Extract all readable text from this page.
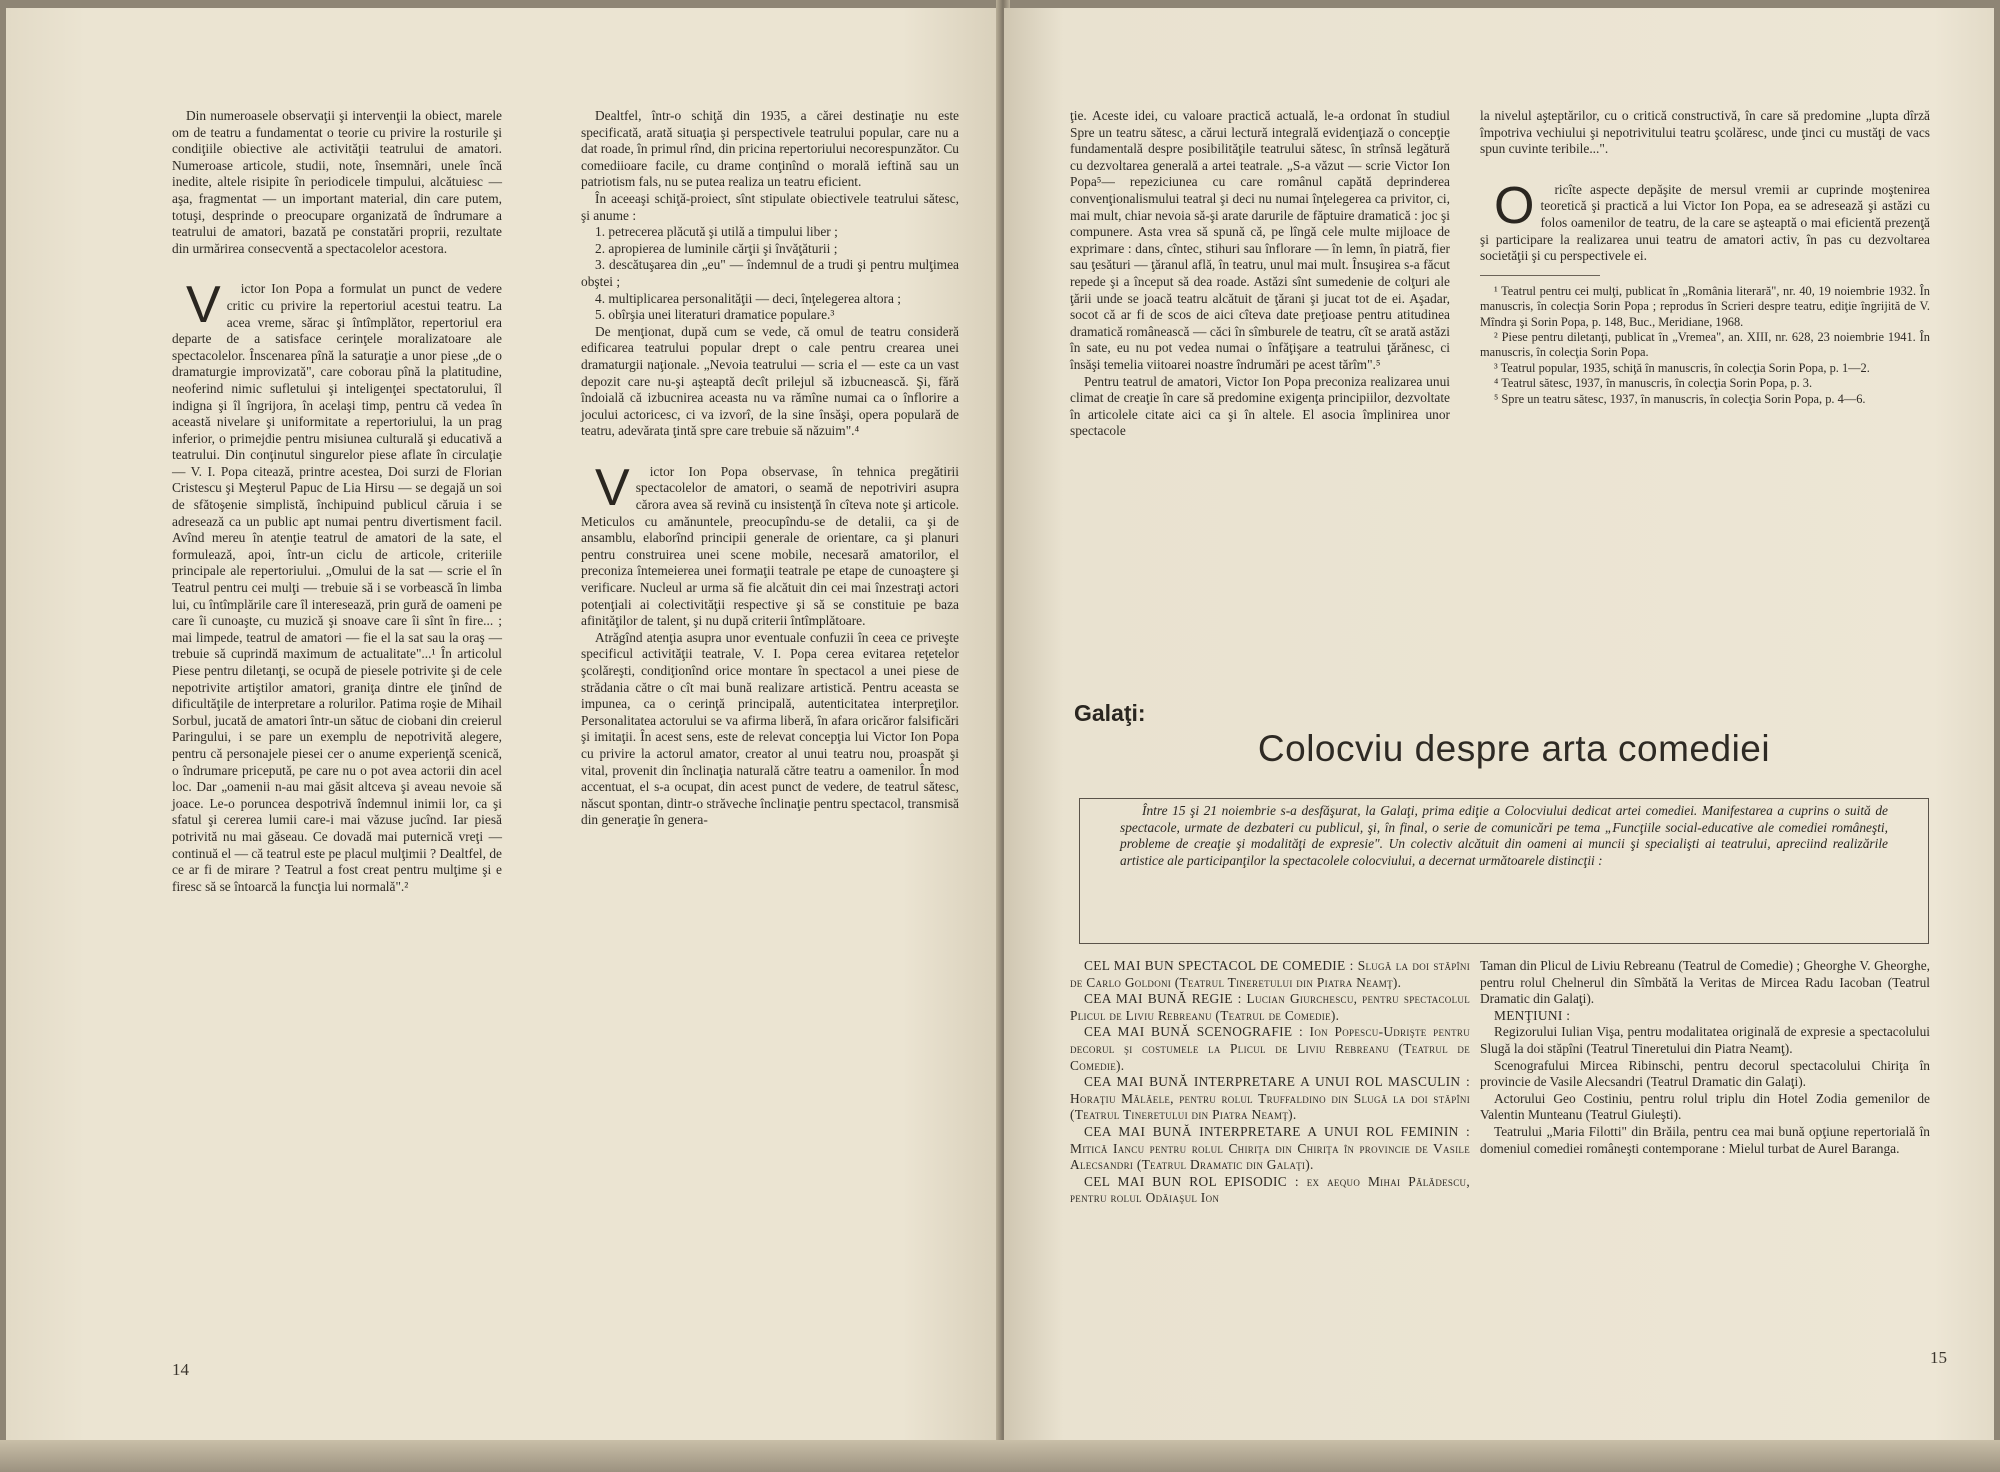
Din numeroasele observaţii şi intervenţii la obiect, marele om de teatru a fundamentat o teorie cu privire la rosturile şi condiţiile obiective ale activităţii teatrului de amatori. Numeroase articole, studii, note, însemnări, unele încă inedite, altele risipite în periodicele timpului, alcătuiesc — aşa, fragmentat — un important material, din care putem, totuşi, desprinde o preocupare organizată de îndrumare a teatrului de amatori, bazată pe constatări proprii, rezultate din urmărirea consecventă a spectacolelor acestora.

V ictor Ion Popa a formulat un punct de vedere critic cu privire la repertoriul acestui teatru. La acea vreme, sărac şi întîmplător, repertoriul era departe de a satisface cerinţele moralizatoare ale spectacolelor. Înscenarea pînă la saturaţie a unor piese „de o dramaturgie improvizată", care coborau pînă la platitudine, neoferind nimic sufletului şi inteligenţei spectatorului, îl indigna şi îl îngrijora, în acelaşi timp, pentru că vedea în această nivelare şi uniformitate a repertoriului, la un prag inferior, o primejdie pentru misiunea culturală şi educativă a teatrului. Din conţinutul singurelor piese aflate în circulaţie — V. I. Popa citează, printre acestea, Doi surzi de Florian Cristescu şi Meşterul Papuc de Lia Hirsu — se degajă un soi de sfătoşenie simplistă, închipuind publicul căruia i se adresează ca un public apt numai pentru divertisment facil. Avînd mereu în atenţie teatrul de amatori de la sate, el formulează, apoi, într-un ciclu de articole, criteriile principale ale repertoriului. „Omului de la sat — scrie el în Teatrul pentru cei mulţi — trebuie să i se vorbească în limba lui, cu întîmplările care îl interesează, prin gură de oameni pe care îi cunoaşte, cu muzică şi snoave care îi sînt în fire... ; mai limpede, teatrul de amatori — fie el la sat sau la oraş — trebuie să cuprindă maximum de actualitate"...¹ În articolul Piese pentru diletanţi, se ocupă de piesele potrivite şi de cele nepotrivite artiştilor amatori, graniţa dintre ele ţinînd de dificultăţile de interpretare a rolurilor. Patima roşie de Mihail Sorbul, jucată de amatori într-un sătuc de ciobani din creierul Paringului, i se pare un exemplu de nepotrivită alegere, pentru că personajele piesei cer o anume experienţă scenică, o îndrumare pricepută, pe care nu o pot avea actorii din acel loc. Dar „oamenii n-au mai găsit altceva şi aveau nevoie să joace. Le-o poruncea despotrivă îndemnul inimii lor, ca şi sfatul şi cererea lumii care-i mai văzuse jucînd. Iar piesă potrivită nu mai găseau. Ce dovadă mai puternică vreţi — continuă el — că teatrul este pe placul mulţimii ? Dealtfel, de ce ar fi de mirare ? Teatrul a fost creat pentru mulţime şi e firesc să se întoarcă la funcţia lui normală".²

Dealtfel, într-o schiţă din 1935, a cărei destinaţie nu este specificată, arată situaţia şi perspectivele teatrului popular, care nu a dat roade, în primul rînd, din pricina repertoriului necorespunzător. Cu comediioare facile, cu drame conţinînd o morală ieftină sau un patriotism fals, nu se putea realiza un teatru eficient.

În aceeaşi schiţă-proiect, sînt stipulate obiectivele teatrului sătesc, şi anume :

1. petrecerea plăcută şi utilă a timpului liber ;

2. apropierea de luminile cărţii şi învăţăturii ;

3. descătuşarea din „eu" — îndemnul de a trudi şi pentru mulţimea obştei ;

4. multiplicarea personalităţii — deci, înţelegerea altora ;

5. obîrşia unei literaturi dramatice populare.³

De menţionat, după cum se vede, că omul de teatru consideră edificarea teatrului popular drept o cale pentru crearea unei dramaturgii naţionale. „Nevoia teatrului — scria el — este ca un vast depozit care nu-şi aşteaptă decît prilejul să izbucnească. Şi, fără îndoială că izbucnirea aceasta nu va rămîne numai ca o înflorire a jocului actoricesc, ci va izvorî, de la sine însăşi, opera populară de teatru, adevărata ţintă spre care trebuie să năzuim".⁴

V ictor Ion Popa observase, în tehnica pregătirii spectacolelor de amatori, o seamă de nepotriviri asupra cărora avea să revină cu insistenţă în cîteva note şi articole. Meticulos cu amănuntele, preocupîndu-se de detalii, ca şi de ansamblu, elaborînd principii generale de orientare, ca şi planuri pentru construirea unei scene mobile, necesară amatorilor, el preconiza întemeierea unei formaţii teatrale pe etape de cunoaştere şi verificare. Nucleul ar urma să fie alcătuit din cei mai înzestraţi actori potenţiali ai colectivităţii respective şi să se constituie pe baza afinităţilor de talent, şi nu după criterii întîmplătoare.

Atrăgînd atenţia asupra unor eventuale confuzii în ceea ce priveşte specificul activităţii teatrale, V. I. Popa cerea evitarea reţetelor şcolăreşti, condiţionînd orice montare în spectacol a unei piese de strădania către o cît mai bună realizare artistică. Pentru aceasta se impunea, ca o cerinţă principală, autenticitatea interpreţilor. Personalitatea actorului se va afirma liberă, în afara oricăror falsificări şi imitaţii. În acest sens, este de relevat concepţia lui Victor Ion Popa cu privire la actorul amator, creator al unui teatru nou, proaspăt şi vital, provenit din înclinaţia naturală către teatru a oamenilor. În mod accentuat, el s-a ocupat, din acest punct de vedere, de teatrul sătesc, născut spontan, dintr-o străveche înclinaţie pentru spectacol, transmisă din generaţie în genera-

14

ţie. Aceste idei, cu valoare practică actuală, le-a ordonat în studiul Spre un teatru sătesc, a cărui lectură integrală evidenţiază o concepţie fundamentală despre posibilităţile teatrului sătesc, în strînsă legătură cu dezvoltarea generală a artei teatrale. „S-a văzut — scrie Victor Ion Popa⁵— repeziciunea cu care românul capătă deprinderea convenţionalismului teatral şi deci nu numai înţelegerea ca privitor, ci, mai mult, chiar nevoia să-şi arate darurile de făptuire dramatică : joc şi compunere. Asta vrea să spună că, pe lîngă cele multe mijloace de exprimare : dans, cîntec, stihuri sau înflorare — în lemn, în piatră, fier sau ţesături — ţăranul află, în teatru, unul mai mult. Însuşirea s-a făcut repede şi a început să dea roade. Astăzi sînt sumedenie de colţuri ale ţării unde se joacă teatru alcătuit de ţărani şi jucat tot de ei. Aşadar, socot că ar fi de scos de aici cîteva date preţioase pentru atitudinea dramatică românească — căci în sîmburele de teatru, cît se arată astăzi în sate, eu nu pot vedea numai o înfăţişare a teatrului ţărănesc, ci însăşi temelia viitoarei noastre îndrumări pe acest tărîm".⁵

Pentru teatrul de amatori, Victor Ion Popa preconiza realizarea unui climat de creaţie în care să predomine exigenţa principiilor, dezvoltate în articolele citate aici ca şi în altele. El asocia împlinirea unor spectacole

la nivelul aşteptărilor, cu o critică constructivă, în care să predomine „lupta dîrză împotriva vechiului şi nepotrivitului teatru şcolăresc, unde ţinci cu mustăţi de vacs spun cuvinte teribile...".

O ricîte aspecte depăşite de mersul vremii ar cuprinde moştenirea teoretică şi practică a lui Victor Ion Popa, ea se adresează şi astăzi cu folos oamenilor de teatru, de la care se aşteaptă o mai eficientă prezenţă şi participare la realizarea unui teatru de amatori activ, în pas cu dezvoltarea societăţii şi cu perspectivele ei.

¹ Teatrul pentru cei mulţi, publicat în „România literară", nr. 40, 19 noiembrie 1932. În manuscris, în colecţia Sorin Popa ; reprodus în Scrieri despre teatru, ediţie îngrijită de V. Mîndra şi Sorin Popa, p. 148, Buc., Meridiane, 1968.

² Piese pentru diletanţi, publicat în „Vremea", an. XIII, nr. 628, 23 noiembrie 1941. În manuscris, în colecţia Sorin Popa.

³ Teatrul popular, 1935, schiţă în manuscris, în colecţia Sorin Popa, p. 1—2.

⁴ Teatrul sătesc, 1937, în manuscris, în colecţia Sorin Popa, p. 3.

⁵ Spre un teatru sătesc, 1937, în manuscris, în colecţia Sorin Popa, p. 4—6.

Galaţi:
Colocviu despre arta comediei

Între 15 şi 21 noiembrie s-a desfăşurat, la Galaţi, prima ediţie a Colocviului dedicat artei comediei. Manifestarea a cuprins o suită de spectacole, urmate de dezbateri cu publicul, şi, în final, o serie de comunicări pe tema „Funcţiile social-educative ale comediei româneşti, probleme de creaţie şi modalităţi de expresie". Un colectiv alcătuit din oameni ai muncii şi specialişti ai teatrului, apreciind realizările artistice ale participanţilor la spectacolele colocviului, a decernat următoarele distincţii :

CEL MAI BUN SPECTACOL DE COMEDIE : Slugă la doi stăpîni de Carlo Goldoni (Teatrul Tineretului din Piatra Neamţ).

CEA MAI BUNĂ REGIE : Lucian Giurchescu, pentru spectacolul Plicul de Liviu Rebreanu (Teatrul de Comedie).

CEA MAI BUNĂ SCENOGRAFIE : Ion Popescu-Udrişte pentru decorul şi costumele la Plicul de Liviu Rebreanu (Teatrul de Comedie).

CEA MAI BUNĂ INTERPRETARE A UNUI ROL MASCULIN : Horaţiu Mălăele, pentru rolul Truffaldino din Slugă la doi stăpîni (Teatrul Tineretului din Piatra Neamţ).

CEA MAI BUNĂ INTERPRETARE A UNUI ROL FEMININ : Mitică Iancu pentru rolul Chiriţa din Chiriţa în provincie de Vasile Alecsandri (Teatrul Dramatic din Galaţi).

CEL MAI BUN ROL EPISODIC : ex aequo Mihai Pălădescu, pentru rolul Odăiaşul Ion

Taman din Plicul de Liviu Rebreanu (Teatrul de Comedie) ; Gheorghe V. Gheorghe, pentru rolul Chelnerul din Sîmbătă la Veritas de Mircea Radu Iacoban (Teatrul Dramatic din Galaţi).

MENŢIUNI :

Regizorului Iulian Vişa, pentru modalitatea originală de expresie a spectacolului Slugă la doi stăpîni (Teatrul Tineretului din Piatra Neamţ).

Scenografului Mircea Ribinschi, pentru decorul spectacolului Chiriţa în provincie de Vasile Alecsandri (Teatrul Dramatic din Galaţi).

Actorului Geo Costiniu, pentru rolul triplu din Hotel Zodia gemenilor de Valentin Munteanu (Teatrul Giuleşti).

Teatrului „Maria Filotti" din Brăila, pentru cea mai bună opţiune repertorială în domeniul comediei româneşti contemporane : Mielul turbat de Aurel Baranga.

15
